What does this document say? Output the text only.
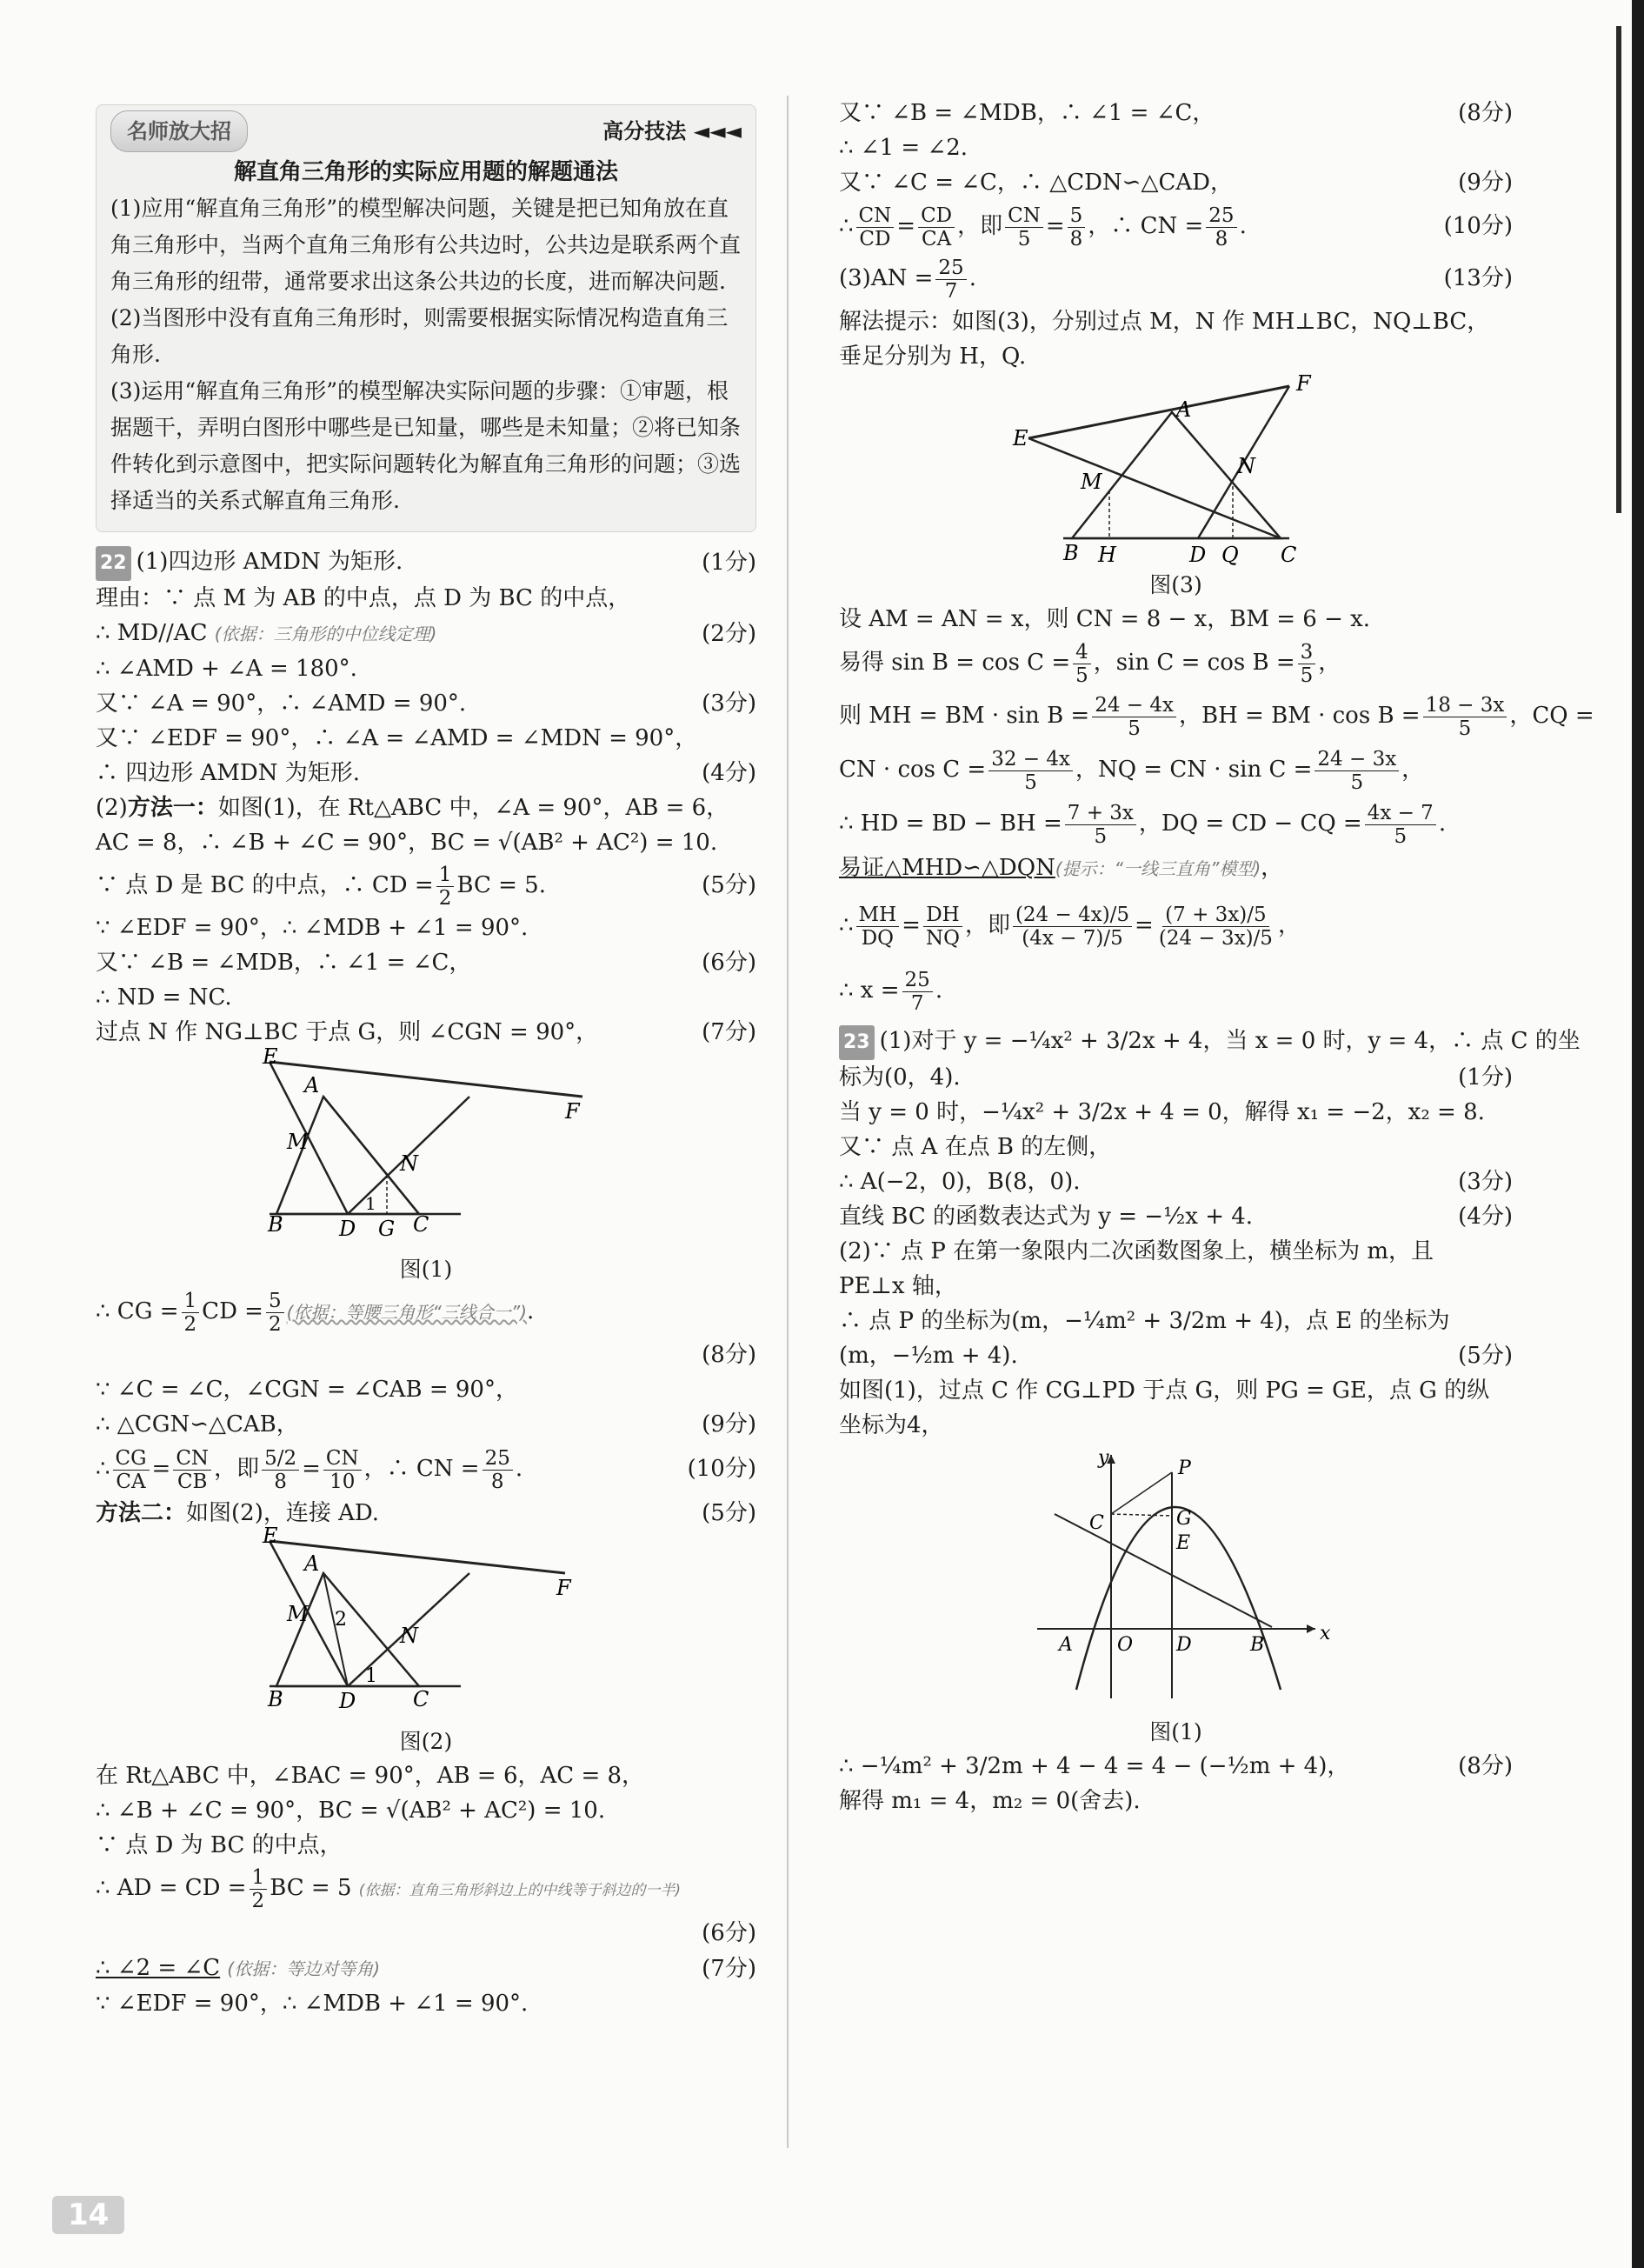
名师放大招	高分技法 ◄◄◄
解直角三角形的实际应用题的解题通法
(1)应用“解直角三角形”的模型解决问题，关键是把已知角放在直角三角形中，当两个直角三角形有公共边时，公共边是联系两个直角三角形的纽带，通常要求出这条公共边的长度，进而解决问题.
(2)当图形中没有直角三角形时，则需要根据实际情况构造直角三角形.
(3)运用“解直角三角形”的模型解决实际问题的步骤：①审题，根据题干，弄明白图形中哪些是已知量，哪些是未知量；②将已知条件转化到示意图中，把实际问题转化为解直角三角形的问题；③选择适当的关系式解直角三角形.
22 (1)四边形 AMDN 为矩形.	(1分)
理由：∵ 点 M 为 AB 的中点，点 D 为 BC 的中点，
∴ MD//AC (依据：三角形的中位线定理)	(2分)
∴ ∠AMD + ∠A = 180°.
又∵ ∠A = 90°，∴ ∠AMD = 90°.	(3分)
又∵ ∠EDF = 90°，∴ ∠A = ∠AMD = ∠MDN = 90°，
∴ 四边形 AMDN 为矩形.	(4分)
(2)方法一：如图(1)，在 Rt△ABC 中，∠A = 90°，AB = 6，
AC = 8，∴ ∠B + ∠C = 90°，BC = √(AB² + AC²) = 10.
∵ 点 D 是 BC 的中点，∴ CD = $\frac{1}{2}$ BC = 5.	(5分)
∵ ∠EDF = 90°，∴ ∠MDB + ∠1 = 90°.
又∵ ∠B = ∠MDB，∴ ∠1 = ∠C，	(6分)
∴ ND = NC.
过点 N 作 NG⊥BC 于点 G，则 ∠CGN = 90°，	(7分)
B	D G C
A
M
N
E
F
1
图(1)
∴ CG = $\frac{1}{2}$ CD = $\frac{5}{2}$ (依据：等腰三角形“三线合一”).
(8分)
∵ ∠C = ∠C，∠CGN = ∠CAB = 90°，
∴ △CGN∽△CAB，	(9分)
∴ $\frac{CG}{CA} = \frac{CN}{CB}$ ，即 $\frac{5/2}{8} = \frac{CN}{10}$ ，∴ CN = $\frac{25}{8}$ .	(10分)
方法二：如图(2)，连接 AD.	(5分)
B	D	C
A
M
N
E
F
2
1
图(2)
在 Rt△ABC 中，∠BAC = 90°，AB = 6，AC = 8，
∴ ∠B + ∠C = 90°，BC = √(AB² + AC²) = 10.
∵ 点 D 为 BC 的中点，
∴ AD = CD = $\frac{1}{2}$ BC = 5 (依据：直角三角形斜边上的中线等于斜边的一半)
(6分)
∴ ∠2 = ∠C (依据：等边对等角)	(7分)
∵ ∠EDF = 90°，∴ ∠MDB + ∠1 = 90°.
又∵ ∠B = ∠MDB，∴ ∠1 = ∠C，	(8分)
∴ ∠1 = ∠2.
又∵ ∠C = ∠C，∴ △CDN∽△CAD，	(9分)
∴ $\frac{CN}{CD} = \frac{CD}{CA}$ ，即 $\frac{CN}{5} = \frac{5}{8}$ ，∴ CN = $\frac{25}{8}$ .	(10分)
$(3)AN = \frac{25}{7}$ .	(13分)
解法提示：如图(3)，分别过点 M，N 作 MH⊥BC，NQ⊥BC，
垂足分别为 H，Q.
E
F
A
M
N
B H	D Q C
图(3)
设 AM = AN = x，则 CN = 8 − x，BM = 6 − x.
易得 $\sin B = \cos C = \frac{4}{5}$ ，$\sin C = \cos B = \frac{3}{5}$ ，
则 MH = BM · $\sin B = \frac{24 - 4x}{5}$ ，BH = BM · $\cos B = \frac{18 - 3x}{5}$ ，CQ =
CN · $\cos C = \frac{32 - 4x}{5}$ ，NQ = CN · $\sin C = \frac{24 - 3x}{5}$ ，
∴ HD = BD − BH = $\frac{7 + 3x}{5}$ ，DQ = CD − CQ = $\frac{4x - 7}{5}$ .
易证△MHD∽△DQN(提示：“一线三直角”模型)，
∴ $\frac{MH}{DQ} = \frac{DH}{NQ}$ ，即 $\frac{(24 - 4x)/5}{(4x - 7)/5} = \frac{(7 + 3x)/5}{(24 - 3x)/5}$ ，
∴ $x = \frac{25}{7}$ .
23 (1)对于 y = −¼x² + 3/2x + 4，当 x = 0 时，y = 4，∴ 点 C 的坐
标为(0，4).	(1分)
当 y = 0 时，−¼x² + 3/2x + 4 = 0，解得 x₁ = −2，x₂ = 8.
又∵ 点 A 在点 B 的左侧，
∴ A(−2，0)，B(8，0).	(3分)
直线 BC 的函数表达式为 y = −½x + 4.	(4分)
(2)∵ 点 P 在第一象限内二次函数图象上，横坐标为 m，且
PE⊥x 轴，
∴ 点 P 的坐标为(m，−¼m² + 3/2m + 4)，点 E 的坐标为
(m，−½m + 4).	(5分)
如图(1)，过点 C 作 CG⊥PD 于点 G，则 PG = GE，点 G 的纵
坐标为4，
y
x
P
C	G
E
A O D	B
图(1)
∴ −¼m² + 3/2m + 4 − 4 = 4 − (−½m + 4)，	(8分)
解得 m₁ = 4，m₂ = 0(舍去).
14
